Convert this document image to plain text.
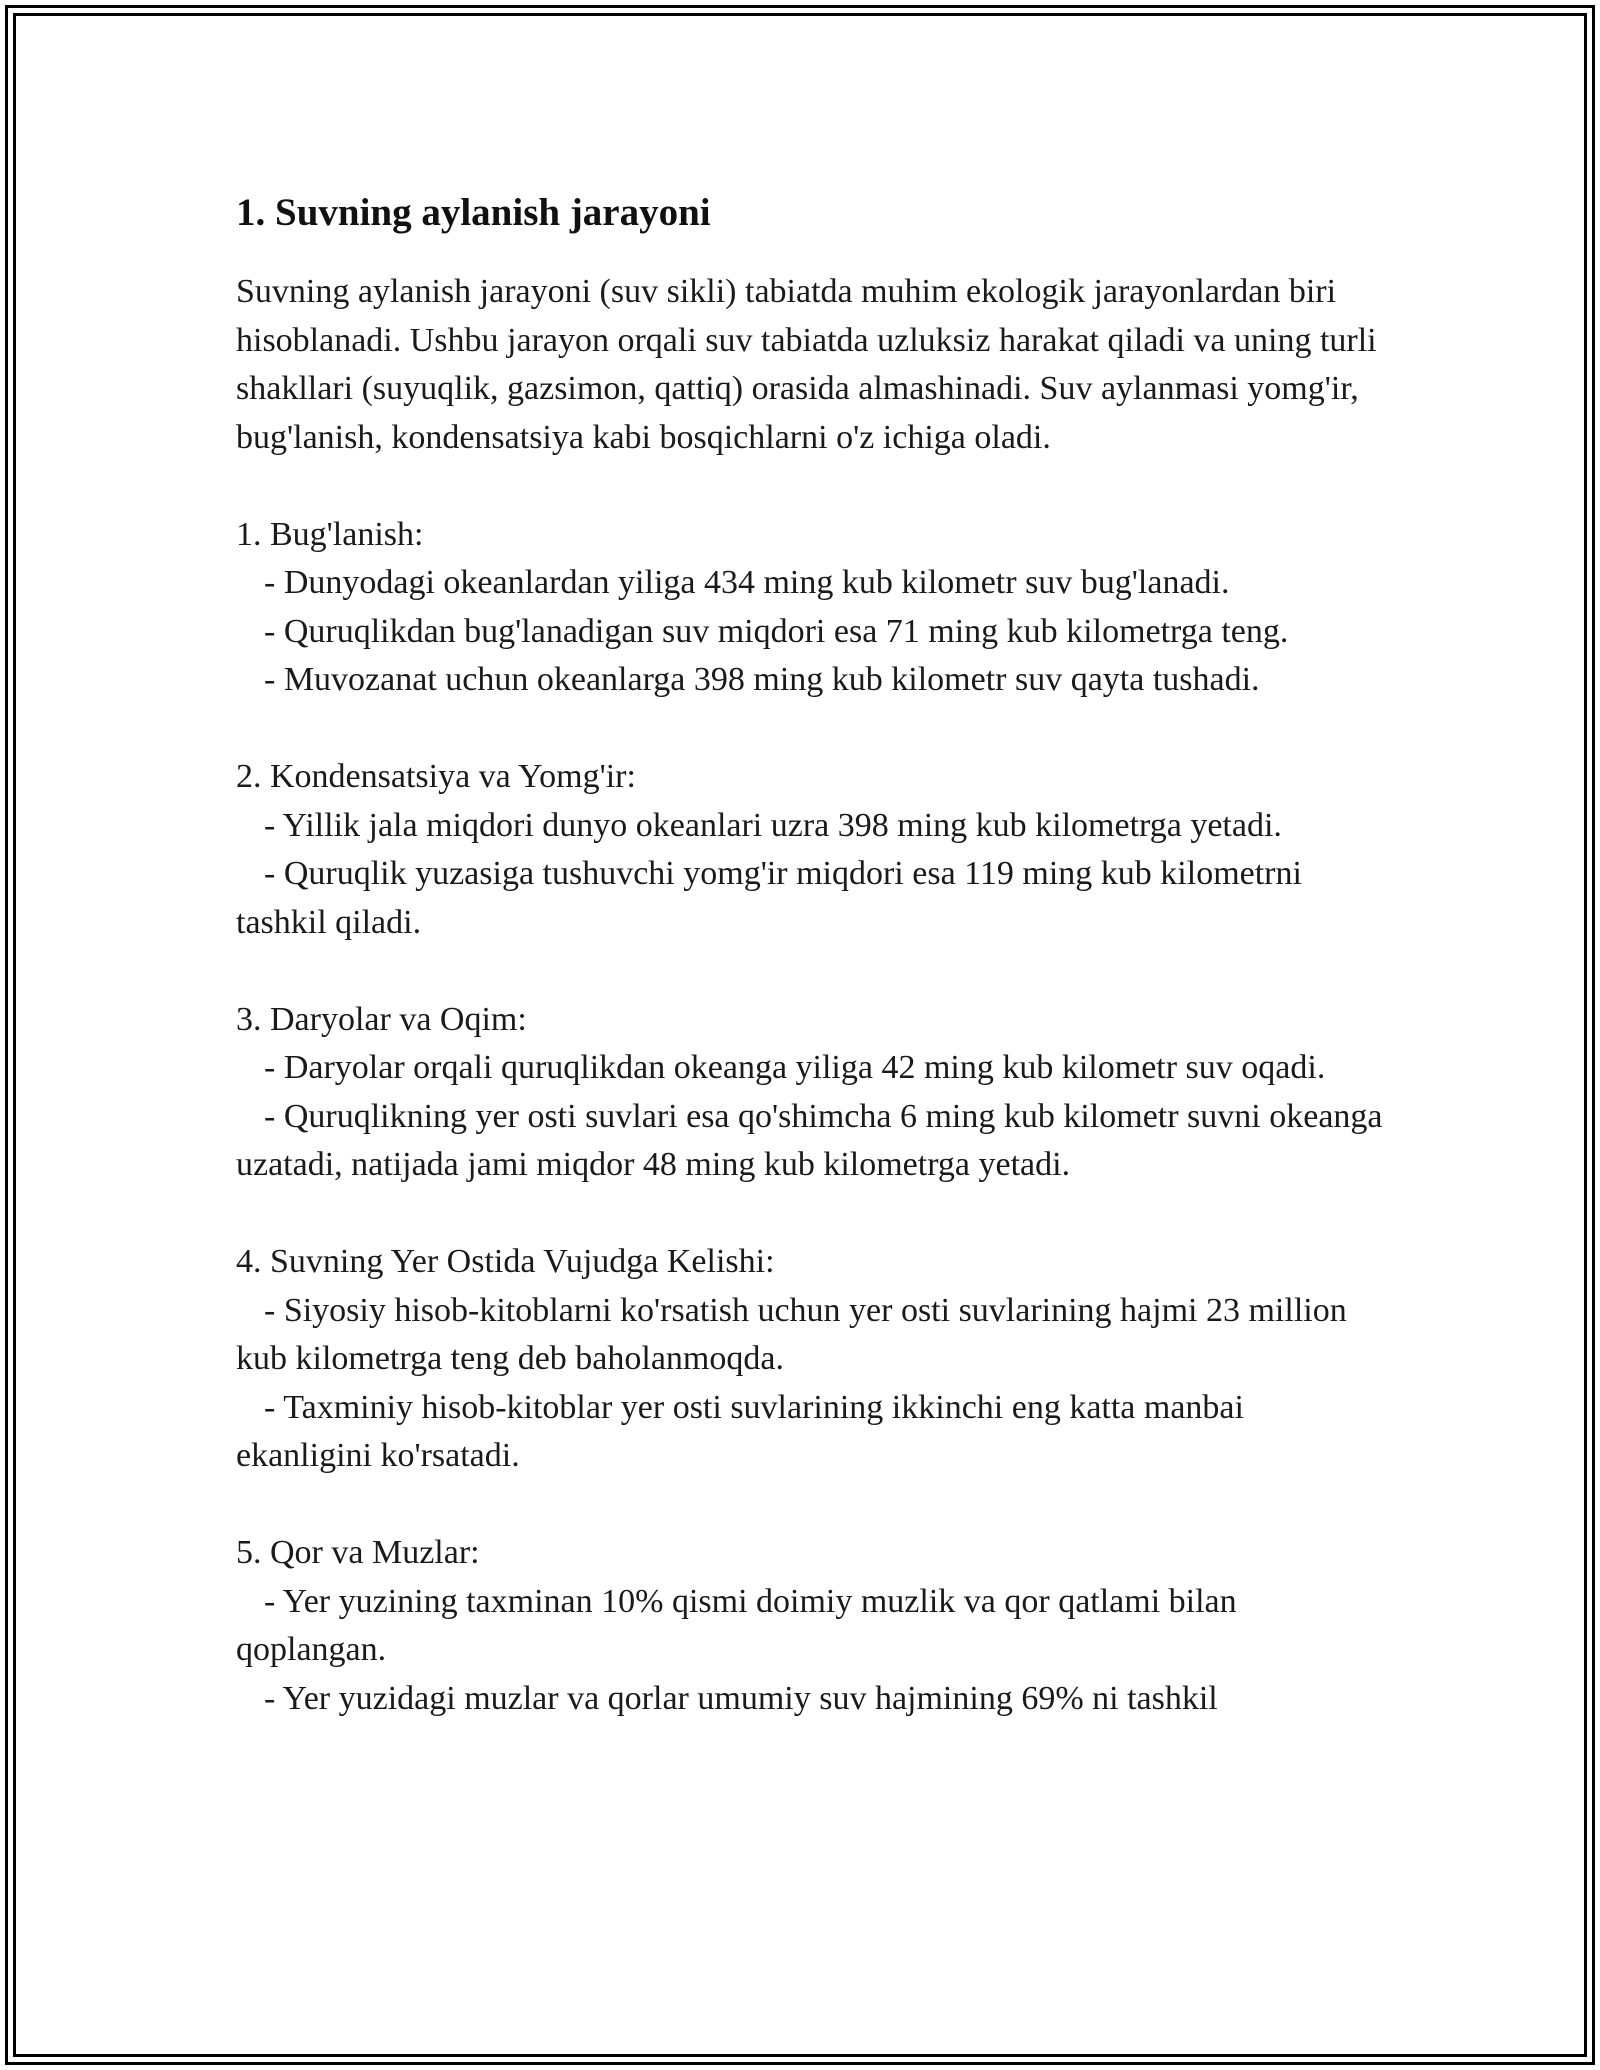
1. Suvning aylanish jarayoni

Suvning aylanish jarayoni (suv sikli) tabiatda muhim ekologik jarayonlardan biri hisoblanadi. Ushbu jarayon orqali suv tabiatda uzluksiz harakat qiladi va uning turli shakllari (suyuqlik, gazsimon, qattiq) orasida almashinadi. Suv aylanmasi yomg'ir, bug'lanish, kondensatsiya kabi bosqichlarni o'z ichiga oladi.

1. Bug'lanish:
- Dunyodagi okeanlardan yiliga 434 ming kub kilometr suv bug'lanadi.
- Quruqlikdan bug'lanadigan suv miqdori esa 71 ming kub kilometrga teng.
- Muvozanat uchun okeanlarga 398 ming kub kilometr suv qayta tushadi.
2. Kondensatsiya va Yomg'ir:
- Yillik jala miqdori dunyo okeanlari uzra 398 ming kub kilometrga yetadi.
- Quruqlik yuzasiga tushuvchi yomg'ir miqdori esa 119 ming kub kilometrni tashkil qiladi.
3. Daryolar va Oqim:
- Daryolar orqali quruqlikdan okeanga yiliga 42 ming kub kilometr suv oqadi.
- Quruqlikning yer osti suvlari esa qo'shimcha 6 ming kub kilometr suvni okeanga uzatadi, natijada jami miqdor 48 ming kub kilometrga yetadi.
4. Suvning Yer Ostida Vujudga Kelishi:
- Siyosiy hisob-kitoblarni ko'rsatish uchun yer osti suvlarining hajmi 23 million kub kilometrga teng deb baholanmoqda.
- Taxminiy hisob-kitoblar yer osti suvlarining ikkinchi eng katta manbai ekanligini ko'rsatadi.
5. Qor va Muzlar:
- Yer yuzining taxminan 10% qismi doimiy muzlik va qor qatlami bilan qoplangan.
- Yer yuzidagi muzlar va qorlar umumiy suv hajmining 69% ni tashkil
